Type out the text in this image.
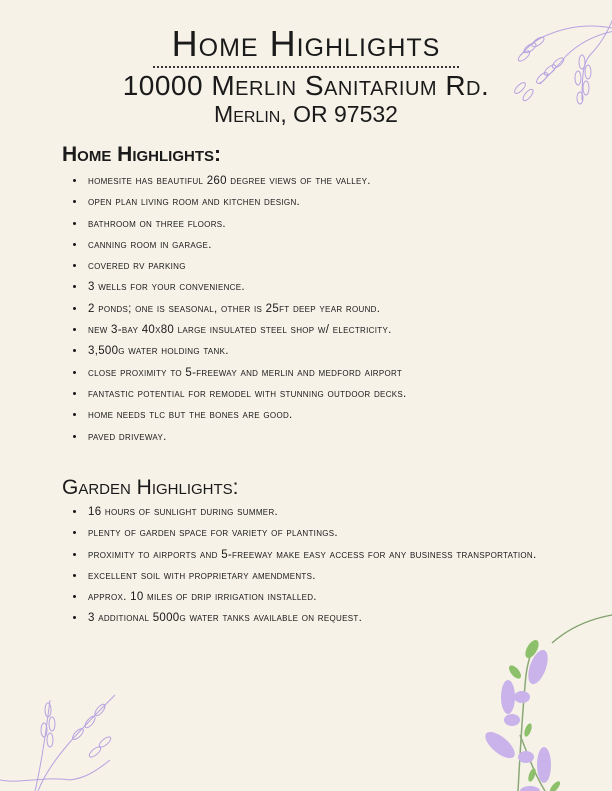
Home Highlights
10000 Merlin Sanitarium Rd.
Merlin, OR 97532
Home Highlights:
• homesite has beautiful 260 degree views of the valley.
• open plan living room and kitchen design.
• bathroom on three floors.
• canning room in garage.
• covered rv parking
• 3 wells for your convenience.
• 2 ponds; one is seasonal, other is 25ft deep year round.
• new 3-bay 40x80 large insulated steel shop w/ electricity.
• 3,500g water holding tank.
• close proximity to 5-freeway and merlin and medford airport
• fantastic potential for remodel with stunning outdoor decks.
• home needs tlc but the bones are good.
• paved driveway.
Garden Highlights:
• 16 hours of sunlight during summer.
• plenty of garden space for variety of plantings.
• proximity to airports and 5-freeway make easy access for any business transportation.
• excellent soil with proprietary amendments.
• approx. 10 miles of drip irrigation installed.
• 3 additional 5000g water tanks available on request.
